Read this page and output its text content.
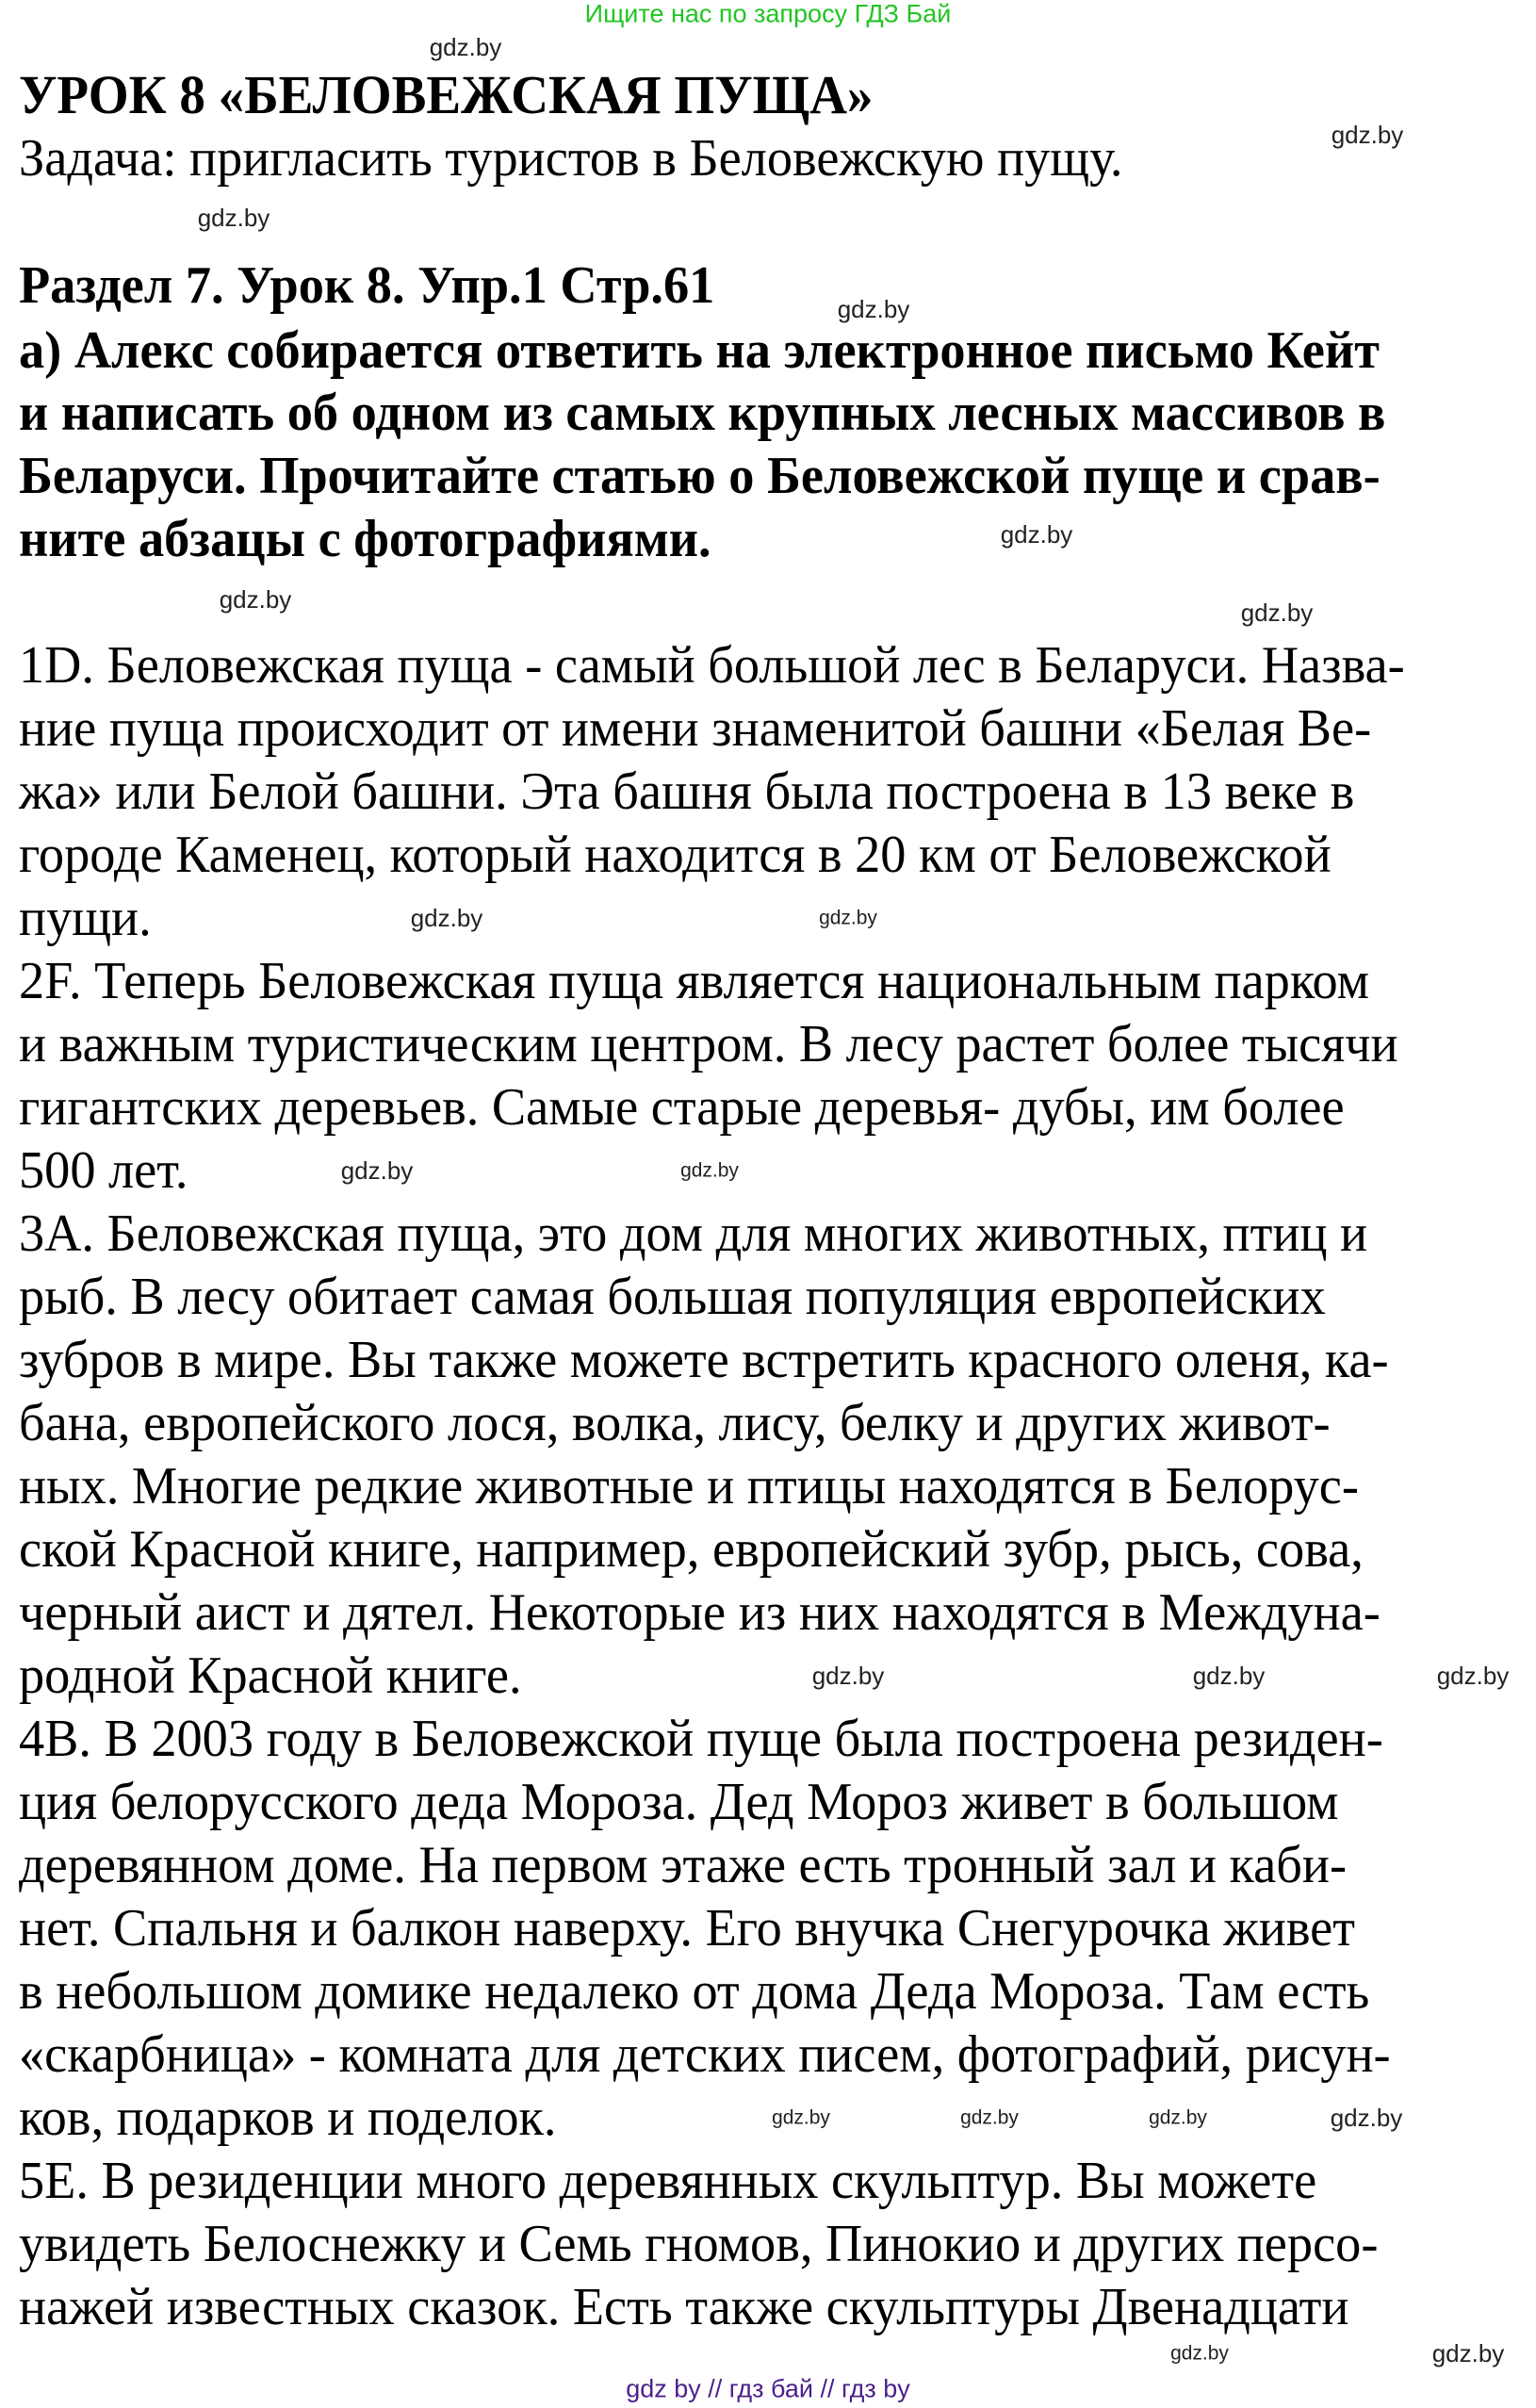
Ищите нас по запросу ГДЗ Бай
УРОК 8 «БЕЛОВЕЖСКАЯ ПУЩА»
Задача: пригласить туристов в Беловежскую пущу.
Раздел 7. Урок 8. Упр.1 Стр.61
а) Алекс собирается ответить на электронное письмо Кейт
и написать об одном из самых крупных лесных массивов в
Беларуси. Прочитайте статью о Беловежской пуще и срав-
ните абзацы с фотографиями.
1D. Беловежская пуща - самый большой лес в Беларуси. Назва-
ние пуща происходит от имени знаменитой башни «Белая Ве-
жа» или Белой башни. Эта башня была построена в 13 веке в
городе Каменец, который находится в 20 км от Беловежской
пущи.
2F. Теперь Беловежская пуща является национальным парком
и важным туристическим центром. В лесу растет более тысячи
гигантских деревьев. Самые старые деревья- дубы, им более
500 лет.
3A. Беловежская пуща, это дом для многих животных, птиц и
рыб. В лесу обитает самая большая популяция европейских
зубров в мире. Вы также можете встретить красного оленя, ка-
бана, европейского лося, волка, лису, белку и других живот-
ных. Многие редкие животные и птицы находятся в Белорус-
ской Красной книге, например, европейский зубр, рысь, сова,
черный аист и дятел. Некоторые из них находятся в Междуна-
родной Красной книге.
4B. В 2003 году в Беловежской пуще была построена резиден-
ция белорусского деда Мороза. Дед Мороз живет в большом
деревянном доме. На первом этаже есть тронный зал и каби-
нет. Спальня и балкон наверху. Его внучка Снегурочка живет
в небольшом домике недалеко от дома Деда Мороза. Там есть
«скарбница» - комната для детских писем, фотографий, рисун-
ков, подарков и поделок.
5E. В резиденции много деревянных скульптур. Вы можете
увидеть Белоснежку и Семь гномов, Пинокио и других персо-
нажей известных сказок. Есть также скульптуры Двенадцати
gdz.by
gdz.by
gdz.by
gdz.by
gdz.by
gdz.by	gdz.by
gdz.by	gdz.by
gdz.by	gdz.by
gdz.by
gdz.by
gdz.by
gdz.by	gdz.by	gdz.by	gdz.by
gdz.by	gdz.by
gdz by // гдз бай // гдз by
